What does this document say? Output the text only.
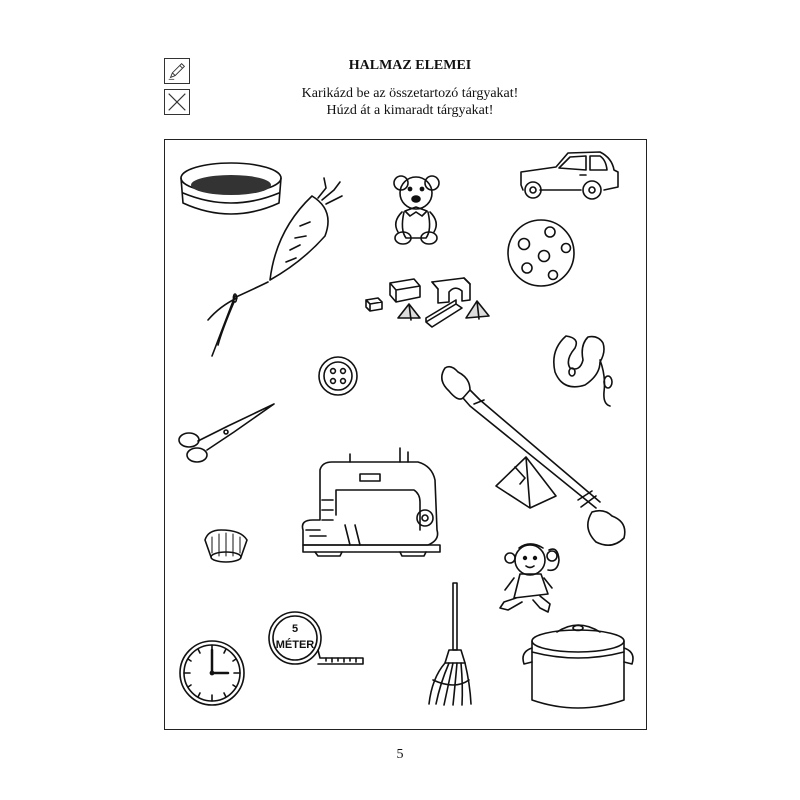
HALMAZ ELEMEI
Karikázd be az összetartozó tárgyakat!
Húzd át a kimaradt tárgyakat!
5
MÉTER
5
